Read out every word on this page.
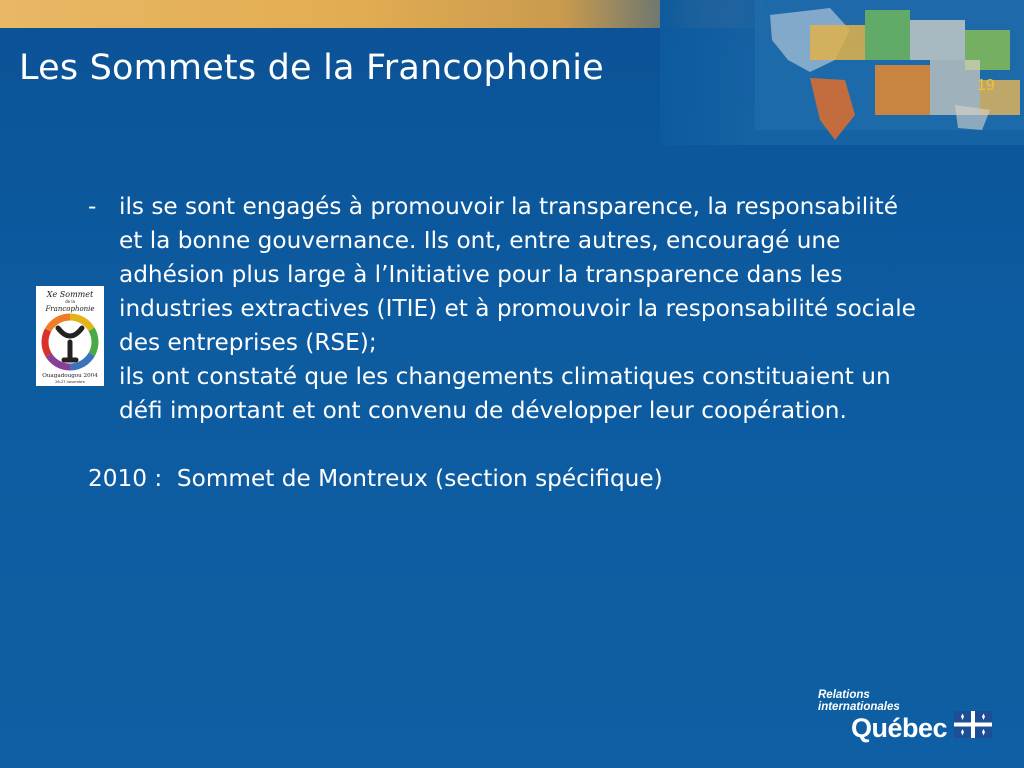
Les Sommets de la Francophonie	19
Xe Sommet
de la
Francophonie
Ouagadougou 2004
26-27 novembre
- ils se sont engagés à promouvoir la transparence, la responsabilité et la bonne gouvernance. Ils ont, entre autres, encouragé une adhésion plus large à l’Initiative pour la transparence dans les industries extractives (ITIE) et à promouvoir la responsabilité sociale des entreprises (RSE);
- ils ont constaté que les changements climatiques constituaient un défi important et ont convenu de développer leur coopération.
2010 :  Sommet de Montreux (section spécifique)
Relations
internationales
Québec
